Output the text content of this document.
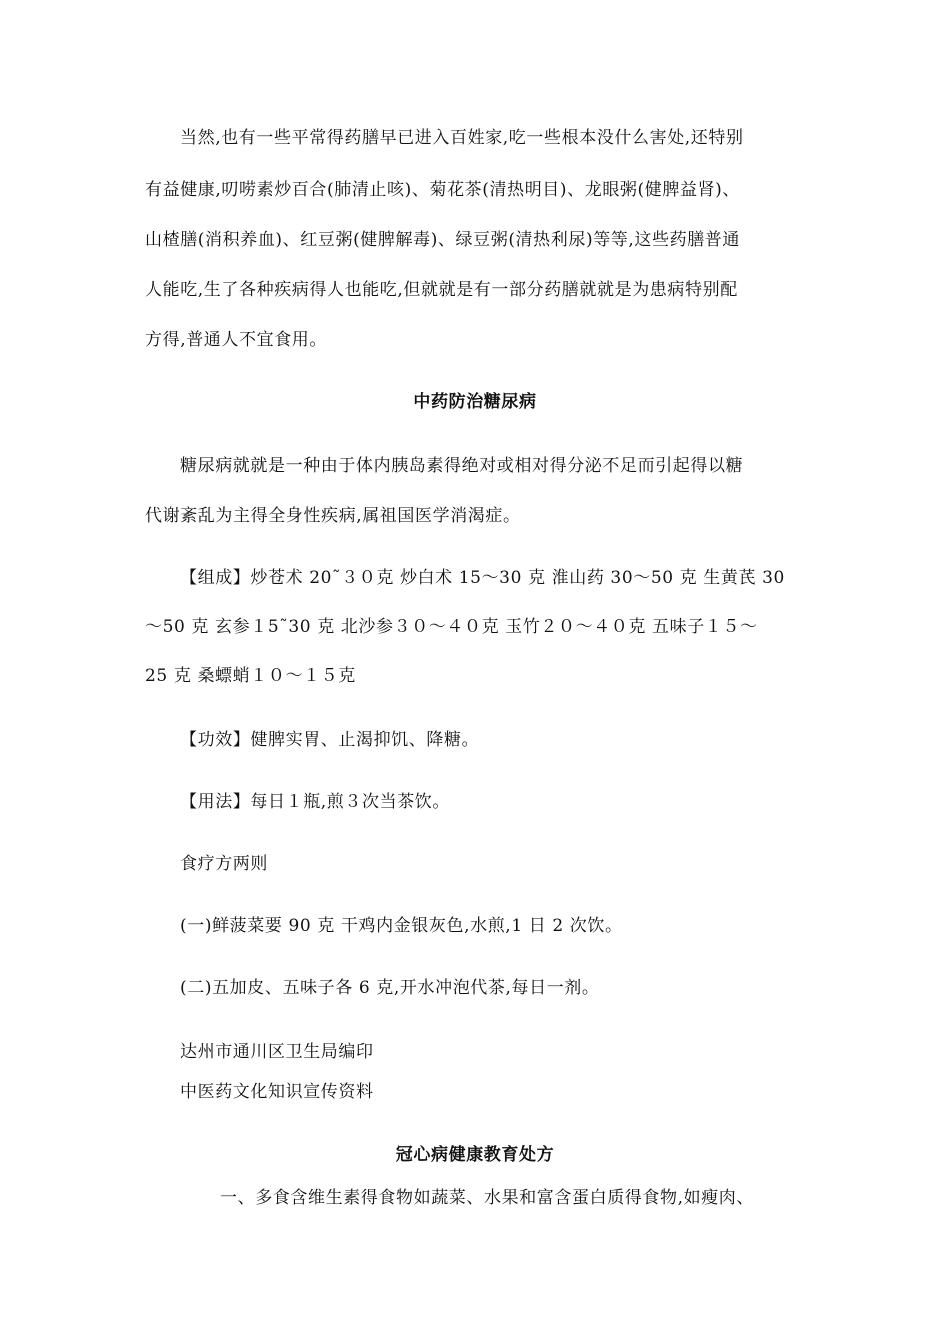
当然,也有一些平常得药膳早已进入百姓家,吃一些根本没什么害处,还特别
有益健康,叨唠素炒百合(肺清止咳)、菊花茶(清热明目)、龙眼粥(健脾益肾)、
山楂膳(消积养血)、红豆粥(健脾解毒)、绿豆粥(清热利尿)等等,这些药膳普通
人能吃,生了各种疾病得人也能吃,但就就是有一部分药膳就就是为患病特别配
方得,普通人不宜食用。
中药防治糖尿病
糖尿病就就是一种由于体内胰岛素得绝对或相对得分泌不足而引起得以糖
代谢紊乱为主得全身性疾病,属祖国医学消渴症。
【组成】炒苍术 20˜３０克 炒白术 15～30 克 淮山药 30～50 克 生黄芪 30
～50 克 玄参１5˜30 克 北沙参３０～４０克 玉竹２０～４０克 五味子１５～
25 克 桑螵蛸１０～１５克
【功效】健脾实胃、止渴抑饥、降糖。
【用法】每日１瓶,煎３次当茶饮。
食疗方两则
(一)鲜菠菜要 90 克 干鸡内金银灰色,水煎,1 日 2 次饮。
(二)五加皮、五味子各 6 克,开水冲泡代茶,每日一剂。
达州市通川区卫生局编印
中医药文化知识宣传资料
冠心病健康教育处方
一、多食含维生素得食物如蔬菜、水果和富含蛋白质得食物,如瘦肉、
